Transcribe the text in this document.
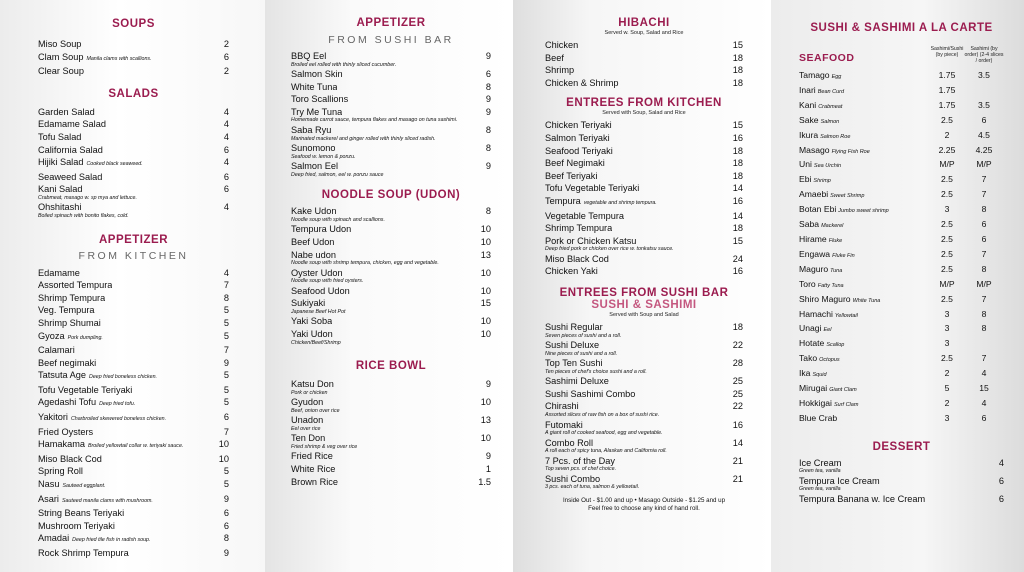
SOUPS
Miso Soup	2
Clam Soup Manila clams with scallions.	6
Clear Soup	2
SALADS
Garden Salad	4
Edamame Salad	4
Tofu Salad	4
California Salad	6
Hijiki Salad Cooked black seaweed.	4
Seaweed Salad	6
Kani Salad	6
Crabmeat, masago w. sp mya and lettuce.
Ohshitashi	4
Boiled spinach with bonito flakes, cold.
APPETIZER
FROM KITCHEN
Edamame	4
Assorted Tempura	7
Shrimp Tempura	8
Veg. Tempura	5
Shrimp Shumai	5
Gyoza Pork dumpling.	5
Calamari	7
Beef negimaki	9
Tatsuta Age Deep fried boneless chicken.	5
Tofu Vegetable Teriyaki	5
Agedashi Tofu Deep fried tofu.	5
Yakitori Charbroiled skewered boneless chicken.	6
Fried Oysters	7
Hamakama Broiled yellowtail collar w. teriyaki sauce.	10
Miso Black Cod	10
Spring Roll	5
Nasu Sauteed eggplant.	5
Asari Sauteed manila clams with mushroom.	9
String Beans Teriyaki	6
Mushroom Teriyaki	6
Amadai Deep fried tile fish in radish soup.	8
Rock Shrimp Tempura	9
APPETIZER
FROM SUSHI BAR
BBQ Eel	9
Broiled eel rolled with thinly sliced cucumber.
Salmon Skin	6
White Tuna	8
Toro Scallions	9
Try Me Tuna	9
Homemade carrot sauce, tempura flakes and masago on tuna sashimi.
Saba Ryu	8
Marinated mackerel and ginger rolled with thinly sliced radish.
Sunomono	8
Seafood w. lemon & ponzu.
Salmon Eel	9
Deep fried, salmon, eel w. ponzu sauce
NOODLE SOUP (UDON)
Kake Udon	8
Noodle soup with spinach and scallions.
Tempura Udon	10
Beef Udon	10
Nabe udon	13
Noodle soup with shrimp tempura, chicken, egg and vegetable.
Oyster Udon	10
Noodle soup with fried oysters.
Seafood Udon	10
Sukiyaki	15
Japanese Beef Hot Pot
Yaki Soba	10
Yaki Udon	10
Chicken/Beef/Shrimp
RICE BOWL
Katsu Don	9
Pork or chicken
Gyudon	10
Beef, onion over rice
Unadon	13
Eel over rice
Ten Don	10
Fried shrimp & veg over rice
Fried Rice	9
White Rice	1
Brown Rice	1.5
HIBACHI
Served w. Soup, Salad and Rice
Chicken	15
Beef	18
Shrimp	18
Chicken & Shrimp	18
ENTREES FROM KITCHEN
Served with Soup, Salad and Rice
Chicken Teriyaki	15
Salmon Teriyaki	16
Seafood Teriyaki	18
Beef Negimaki	18
Beef Teriyaki	18
Tofu Vegetable Teriyaki	14
Tempura vegetable and shrimp tempura.	16
Vegetable Tempura	14
Shrimp Tempura	18
Pork or Chicken Katsu	15
Deep fried pork or chicken over rice w. tonkatsu sauce.
Miso Black Cod	24
Chicken Yaki	16
ENTREES FROM SUSHI BAR
SUSHI & SASHIMI
Served with Soup and Salad
Sushi Regular	18
Seven pieces of sushi and a roll.
Sushi Deluxe	22
Nine pieces of sushi and a roll.
Top Ten Sushi	28
Ten pieces of chef's choice sushi and a roll.
Sashimi Deluxe	25
Sushi Sashimi Combo	25
Chirashi	22
Assorted slices of raw fish on a box of sushi rice.
Futomaki	16
A giant roll of cooked seafood, egg and vegetable.
Combo Roll	14
A roll each of spicy tuna, Alaskan and California roll.
7 Pcs. of the Day	21
Top seven pcs. of chef choice.
Sushi Combo	21
3 pcs. each of tuna, salmon & yellowtail.
Inside Out - $1.00 and up • Masago Outside - $1.25 and up
Feel free to choose any kind of hand roll.
SUSHI & SASHIMI A LA CARTE
SEAFOOD
Sashimi/Sushi (by piece)
Sashimi (by order) (2-4 slices / order)
Tamago Egg	1.75	3.5
Inari Bean Curd	1.75
Kani Crabmeat	1.75	3.5
Sake Salmon	2.5	6
Ikura Salmon Roe	2	4.5
Masago Flying Fish Roe	2.25	4.25
Uni Sea Urchin	M/P	M/P
Ebi Shrimp	2.5	7
Amaebi Sweet Shrimp	2.5	7
Botan Ebi Jumbo sweet shrimp	3	8
Saba Mackerel	2.5	6
Hirame Fluke	2.5	6
Engawa Fluke Fin	2.5	7
Maguro Tuna	2.5	8
Toro Fatty Tuna	M/P	M/P
Shiro Maguro White Tuna	2.5	7
Hamachi Yellowtail	3	8
Unagi Eel	3	8
Hotate Scallop	3
Tako Octopus	2.5	7
Ika Squid	2	4
Mirugai Giant Clam	5	15
Hokkigai Surf Clam	2	4
Blue Crab	3	6
DESSERT
Ice Cream	4
Green tea, vanilla
Tempura Ice Cream	6
Green tea, vanilla
Tempura Banana w. Ice Cream	6
